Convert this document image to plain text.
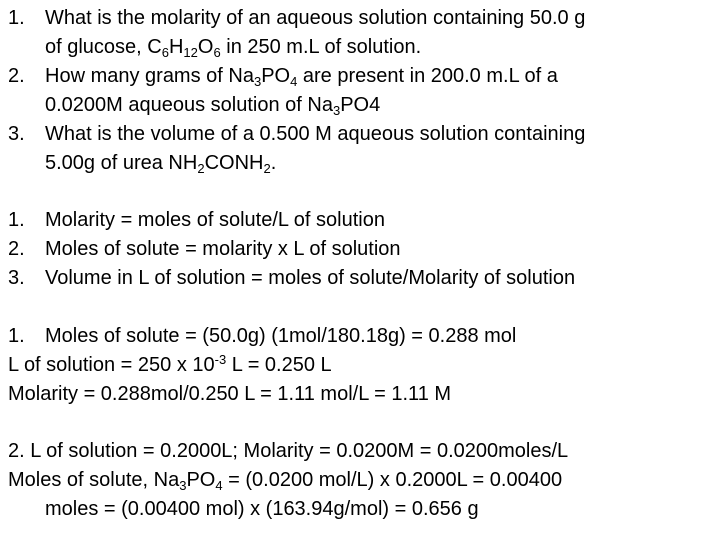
1. What is the molarity of an aqueous solution containing 50.0 g
of glucose, $C_6H_{12}O_6$ in 250 m.L of solution.
2. How many grams of $Na_3PO_4$ are present in 200.0 m.L of a
0.0200M aqueous solution of $Na_3PO4$
3. What is the volume of a 0.500 M aqueous solution containing
5.00g of urea $NH_2CONH_2$.
1. Molarity = moles of solute/L of solution
2. Moles of solute = molarity x L of solution
3. Volume in L of solution = moles of solute/Molarity of solution
1. Moles of solute = (50.0g) (1mol/180.18g) = 0.288 mol
L of solution = 250 x $10^{-3}$ L = 0.250 L
Molarity = 0.288mol/0.250 L = 1.11 mol/L = 1.11 M
2. L of solution = 0.2000L; Molarity = 0.0200M = 0.0200moles/L
Moles of solute, $Na_3PO_4 = (0.0200$ mol/L) x 0.2000L = 0.00400
moles = (0.00400 mol) x (163.94g/mol) = 0.656 g
